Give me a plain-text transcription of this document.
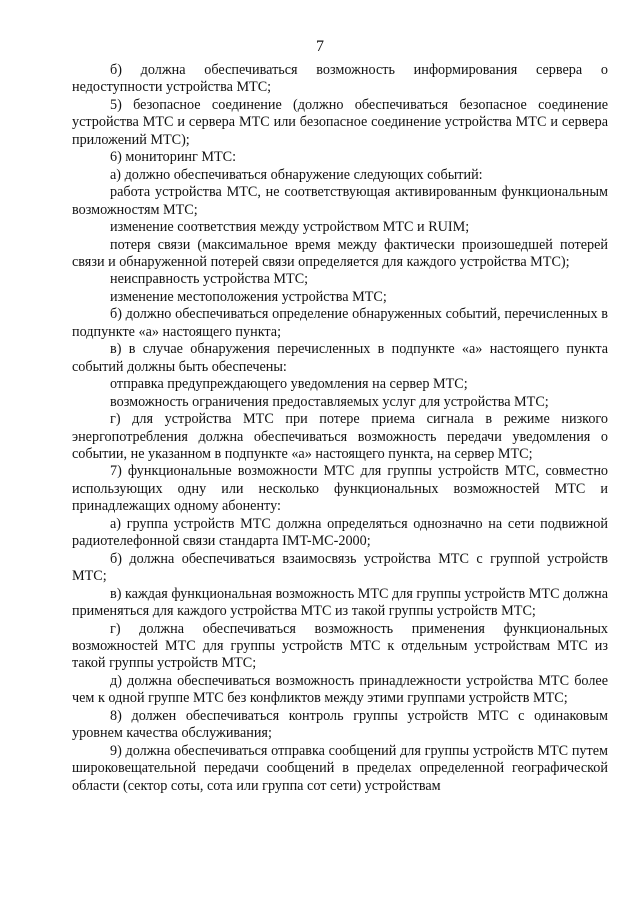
7

б) должна обеспечиваться возможность информирования сервера о недоступности устройства МТС;

5) безопасное соединение (должно обеспечиваться безопасное соединение устройства МТС и сервера МТС или безопасное соединение устройства МТС и сервера приложений МТС);

6) мониторинг МТС:

а) должно обеспечиваться обнаружение следующих событий:

работа устройства МТС, не соответствующая активированным функциональным возможностям МТС;

изменение соответствия между устройством МТС и RUIM;

потеря связи (максимальное время между фактически произошедшей потерей связи и обнаруженной потерей связи определяется для каждого устройства МТС);

неисправность устройства МТС;

изменение местоположения устройства МТС;

б) должно обеспечиваться определение обнаруженных событий, перечисленных в подпункте «а» настоящего пункта;

в) в случае обнаружения перечисленных в подпункте «а» настоящего пункта событий должны быть обеспечены:

отправка предупреждающего уведомления на сервер МТС;

возможность ограничения предоставляемых услуг для устройства МТС;

г) для устройства МТС при потере приема сигнала в режиме низкого энергопотребления должна обеспечиваться возможность передачи уведомления о событии, не указанном в подпункте «а» настоящего пункта, на сервер МТС;

7) функциональные возможности МТС для группы устройств МТС, совместно использующих одну или несколько функциональных возможностей МТС и принадлежащих одному абоненту:

а) группа устройств МТС должна определяться однозначно на сети подвижной радиотелефонной связи стандарта IMT-MC-2000;

б) должна обеспечиваться взаимосвязь устройства МТС с группой устройств МТС;

в) каждая функциональная возможность МТС для группы устройств МТС должна применяться для каждого устройства МТС из такой группы устройств МТС;

г) должна обеспечиваться возможность применения функциональных возможностей МТС для группы устройств МТС к отдельным устройствам МТС из такой группы устройств МТС;

д) должна обеспечиваться возможность принадлежности устройства МТС более чем к одной группе МТС без конфликтов между этими группами устройств МТС;

8) должен обеспечиваться контроль группы устройств МТС с одинаковым уровнем качества обслуживания;

9) должна обеспечиваться отправка сообщений для группы устройств МТС путем широковещательной передачи сообщений в пределах определенной географической области (сектор соты, сота или группа сот сети) устройствам
